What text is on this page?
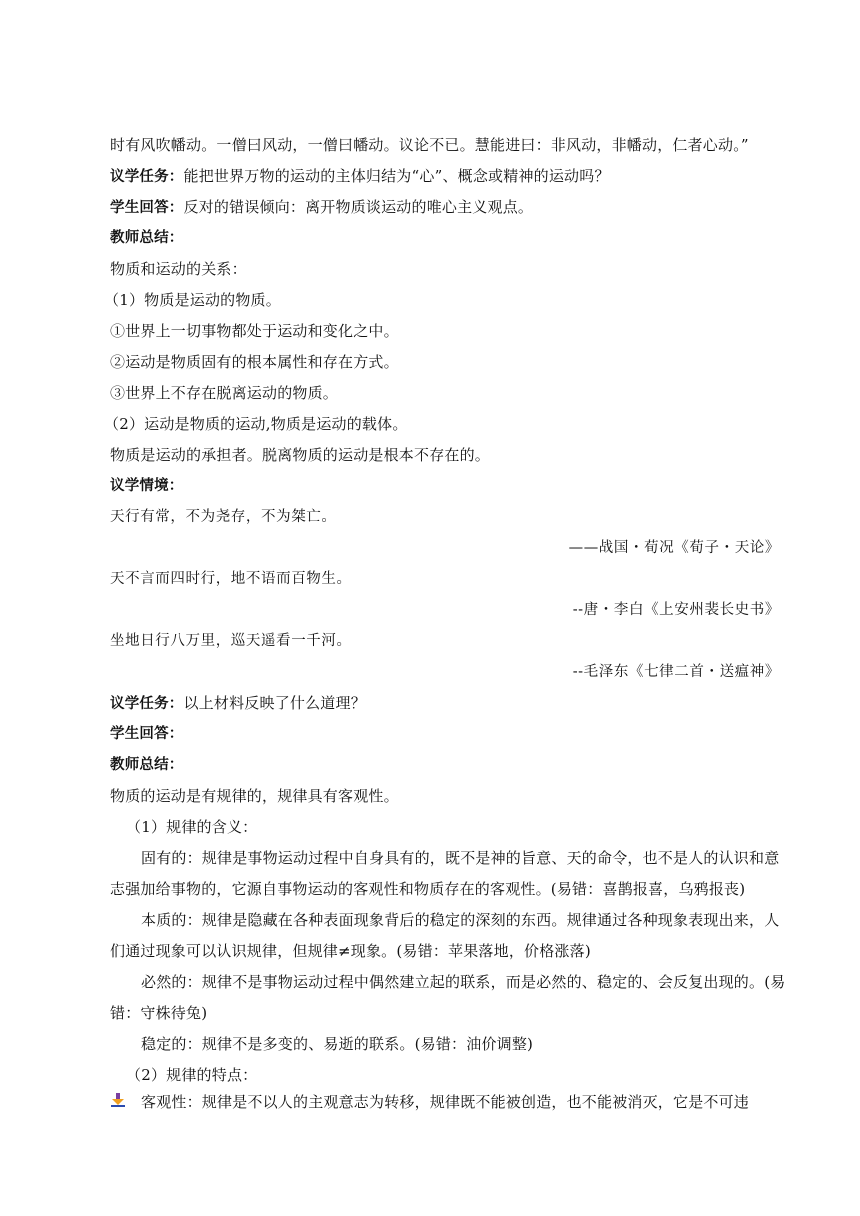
时有风吹幡动。一僧曰风动，一僧曰幡动。议论不已。慧能进曰：非风动，非幡动，仁者心动。”
议学任务：能把世界万物的运动的主体归结为“心”、概念或精神的运动吗？
学生回答：反对的错误倾向：离开物质谈运动的唯心主义观点。
教师总结：
物质和运动的关系：
（1）物质是运动的物质。
①世界上一切事物都处于运动和变化之中。
②运动是物质固有的根本属性和存在方式。
③世界上不存在脱离运动的物质。
（2）运动是物质的运动,物质是运动的载体。
物质是运动的承担者。脱离物质的运动是根本不存在的。
议学情境：
天行有常，不为尧存，不为桀亡。
——战国・荀况《荀子・天论》
天不言而四时行，地不语而百物生。
--唐・李白《上安州裴长史书》
坐地日行八万里，巡天遥看一千河。
--毛泽东《七律二首・送瘟神》
议学任务：以上材料反映了什么道理？
学生回答：
教师总结：
物质的运动是有规律的，规律具有客观性。
（1）规律的含义：
固有的：规律是事物运动过程中自身具有的，既不是神的旨意、天的命令，也不是人的认识和意
志强加给事物的，它源自事物运动的客观性和物质存在的客观性。(易错：喜鹊报喜，乌鸦报丧)
本质的：规律是隐藏在各种表面现象背后的稳定的深刻的东西。规律通过各种现象表现出来，人
们通过现象可以认识规律，但规律≠现象。(易错：苹果落地，价格涨落)
必然的：规律不是事物运动过程中偶然建立起的联系，而是必然的、稳定的、会反复出现的。(易
错：守株待兔)
稳定的：规律不是多变的、易逝的联系。(易错：油价调整)
（2）规律的特点：
客观性：规律是不以人的主观意志为转移，规律既不能被创造，也不能被消灭，它是不可违
